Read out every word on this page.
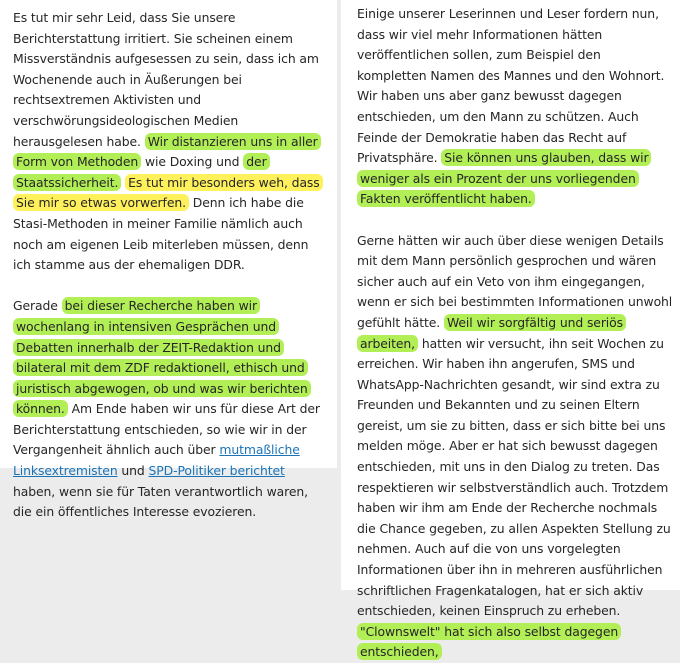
Es tut mir sehr Leid, dass Sie unsere Berichterstattung irritiert. Sie scheinen einem Missverständnis aufgesessen zu sein, dass ich am Wochenende auch in Äußerungen bei rechtsextremen Aktivisten und verschwörungsideologischen Medien herausgelesen habe. Wir distanzieren uns in aller Form von Methoden wie Doxing und der Staatssicherheit. Es tut mir besonders weh, dass Sie mir so etwas vorwerfen. Denn ich habe die Stasi-Methoden in meiner Familie nämlich auch noch am eigenen Leib miterleben müssen, denn ich stamme aus der ehemaligen DDR.

Gerade bei dieser Recherche haben wir wochenlang in intensiven Gesprächen und Debatten innerhalb der ZEIT-Redaktion und bilateral mit dem ZDF redaktionell, ethisch und juristisch abgewogen, ob und was wir berichten können. Am Ende haben wir uns für diese Art der Berichterstattung entschieden, so wie wir in der Vergangenheit ähnlich auch über mutmaßliche Linksextremisten und SPD-Politiker berichtet haben, wenn sie für Taten verantwortlich waren, die ein öffentliches Interesse evozieren.

Einige unserer Leserinnen und Leser fordern nun, dass wir viel mehr Informationen hätten veröffentlichen sollen, zum Beispiel den kompletten Namen des Mannes und den Wohnort. Wir haben uns aber ganz bewusst dagegen entschieden, um den Mann zu schützen. Auch Feinde der Demokratie haben das Recht auf Privatsphäre. Sie können uns glauben, dass wir weniger als ein Prozent der uns vorliegenden Fakten veröffentlicht haben.

Gerne hätten wir auch über diese wenigen Details mit dem Mann persönlich gesprochen und wären sicher auch auf ein Veto von ihm eingegangen, wenn er sich bei bestimmten Informationen unwohl gefühlt hätte. Weil wir sorgfältig und seriös arbeiten, hatten wir versucht, ihn seit Wochen zu erreichen. Wir haben ihn angerufen, SMS und WhatsApp-Nachrichten gesandt, wir sind extra zu Freunden und Bekannten und zu seinen Eltern gereist, um sie zu bitten, dass er sich bitte bei uns melden möge. Aber er hat sich bewusst dagegen entschieden, mit uns in den Dialog zu treten. Das respektieren wir selbstverständlich auch. Trotzdem haben wir ihm am Ende der Recherche nochmals die Chance gegeben, zu allen Aspekten Stellung zu nehmen. Auch auf die von uns vorgelegten Informationen über ihn in mehreren ausführlichen schriftlichen Fragenkatalogen, hat er sich aktiv entschieden, keinen Einspruch zu erheben. "Clownswelt" hat sich also selbst dagegen entschieden,
